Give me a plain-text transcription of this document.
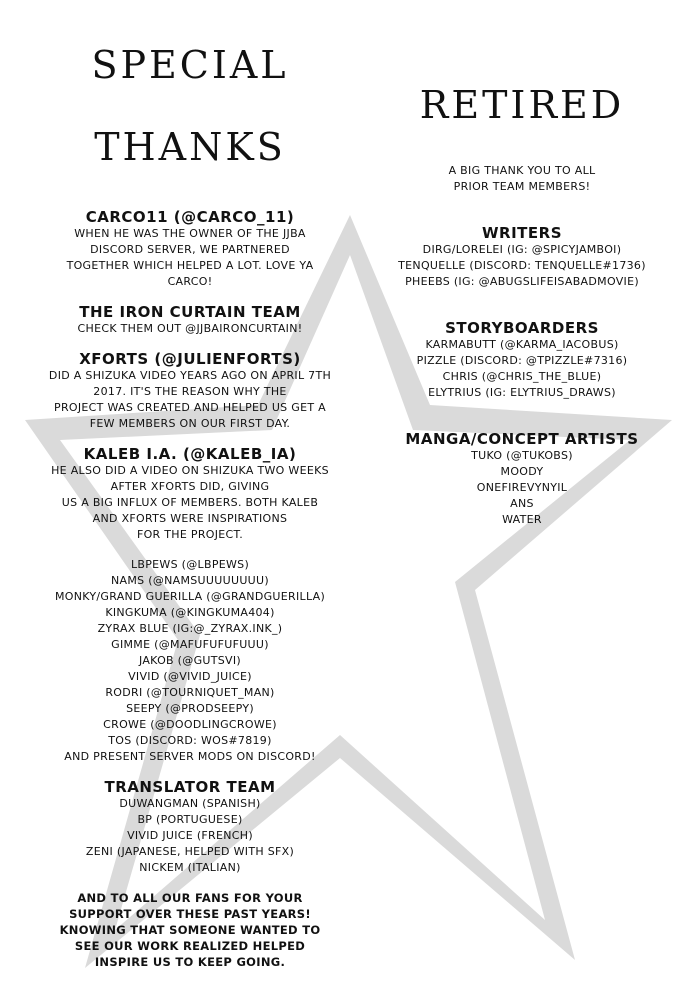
SPECIAL

THANKS

CARCO11 (@CARCO_11)

WHEN HE WAS THE OWNER OF THE JJBA

DISCORD SERVER, WE PARTNERED

TOGETHER WHICH HELPED A LOT. LOVE YA

CARCO!

THE IRON CURTAIN TEAM

CHECK THEM OUT @JJBAIRONCURTAIN!

XFORTS (@JULIENFORTS)

DID A SHIZUKA VIDEO YEARS AGO ON APRIL 7TH

2017. IT'S THE REASON WHY THE

PROJECT WAS CREATED AND HELPED US GET A

FEW MEMBERS ON OUR FIRST DAY.

KALEB I.A. (@KALEB_IA)

HE ALSO DID A VIDEO ON SHIZUKA TWO WEEKS

AFTER XFORTS DID, GIVING

US A BIG INFLUX OF MEMBERS. BOTH KALEB

AND XFORTS WERE INSPIRATIONS

FOR THE PROJECT.

LBPEWS (@LBPEWS)

NAMS (@NAMSUUUUUUUU)

MONKY/GRAND GUERILLA (@GRANDGUERILLA)

KINGKUMA (@KINGKUMA404)

ZYRAX BLUE (IG:@_ZYRAX.INK_)

GIMME (@MAFUFUFUFUUU)

JAKOB (@GUTSVI)

VIVID (@VIVID_JUICE)

RODRI (@TOURNIQUET_MAN)

SEEPY (@PRODSEEPY)

CROWE (@DOODLINGCROWE)

TOS (DISCORD: WOS#7819)

AND PRESENT SERVER MODS ON DISCORD!

TRANSLATOR TEAM

DUWANGMAN (SPANISH)

BP (PORTUGUESE)

VIVID JUICE (FRENCH)

ZENI (JAPANESE, HELPED WITH SFX)

NICKEM (ITALIAN)

AND TO ALL OUR FANS FOR YOUR

SUPPORT OVER THESE PAST YEARS!

KNOWING THAT SOMEONE WANTED TO

SEE OUR WORK REALIZED HELPED

INSPIRE US TO KEEP GOING.

RETIRED

A BIG THANK YOU TO ALL

PRIOR TEAM MEMBERS!

WRITERS

DIRG/LORELEI (IG: @SPICYJAMBOI)

TENQUELLE (DISCORD: TENQUELLE#1736)

PHEEBS (IG: @ABUGSLIFEISABADMOVIE)

STORYBOARDERS

KARMABUTT (@KARMA_IACOBUS)

PIZZLE (DISCORD: @TPIZZLE#7316)

CHRIS (@CHRIS_THE_BLUE)

ELYTRIUS (IG: ELYTRIUS_DRAWS)

MANGA/CONCEPT ARTISTS

TUKO (@TUKOBS)

MOODY

ONEFIREVYNYIL

ANS

WATER
